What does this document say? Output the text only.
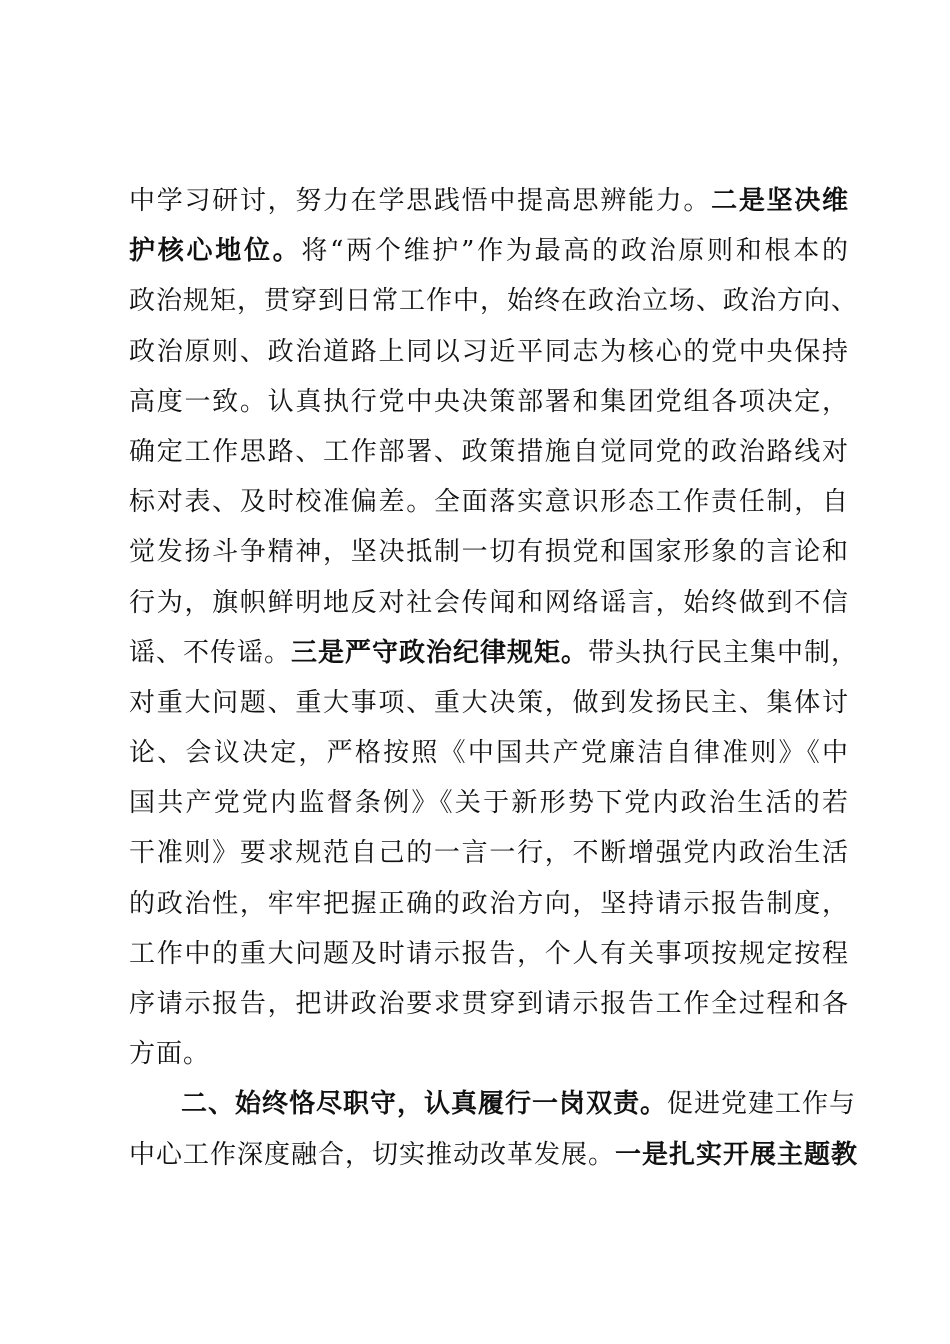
中学习研讨，努力在学思践悟中提高思辨能力。二是坚决维
护核心地位。将“两个维护”作为最高的政治原则和根本的
政治规矩，贯穿到日常工作中，始终在政治立场、政治方向、
政治原则、政治道路上同以习近平同志为核心的党中央保持
高度一致。认真执行党中央决策部署和集团党组各项决定，
确定工作思路、工作部署、政策措施自觉同党的政治路线对
标对表、及时校准偏差。全面落实意识形态工作责任制，自
觉发扬斗争精神，坚决抵制一切有损党和国家形象的言论和
行为，旗帜鲜明地反对社会传闻和网络谣言，始终做到不信
谣、不传谣。三是严守政治纪律规矩。带头执行民主集中制，
对重大问题、重大事项、重大决策，做到发扬民主、集体讨
论、会议决定，严格按照《中国共产党廉洁自律准则》《中
国共产党党内监督条例》《关于新形势下党内政治生活的若
干准则》要求规范自己的一言一行，不断增强党内政治生活
的政治性，牢牢把握正确的政治方向，坚持请示报告制度，
工作中的重大问题及时请示报告，个人有关事项按规定按程
序请示报告，把讲政治要求贯穿到请示报告工作全过程和各
方面。
二、始终恪尽职守，认真履行一岗双责。促进党建工作与
中心工作深度融合，切实推动改革发展。一是扎实开展主题教
